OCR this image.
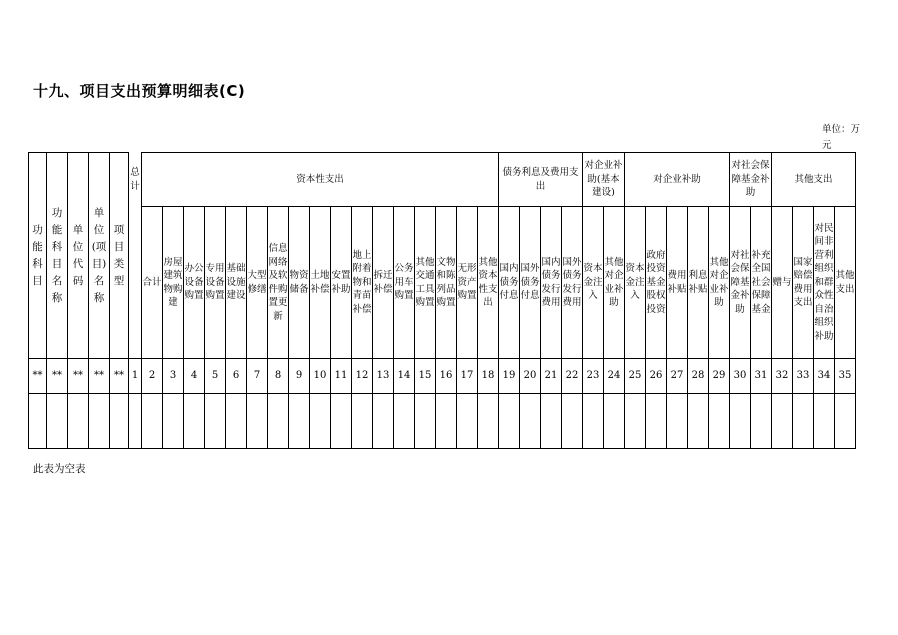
十九、项目支出预算明细表(C)
单位：万元
功能科目	功能科目名称	单位代码	单位(项目)名称	项目类型	总计	资本性支出																	债务利息及费用支出				对企业补助(基本建设)		对企业补助					对社会保障基金补助		其他支出			
						合计	房屋建筑物购建	办公设备购置	专用设备购置	基础设施建设	大型修缮	信息网络及软件购置更新	物资储备	土地补偿	安置补助	地上附着物和青苗补偿	拆迁补偿	公务用车购置	其他交通工具购置	文物和陈列品购置	无形资产购置	其他资本性支出	国内债务付息	国外债务付息	国内债务发行费用	国外债务发行费用	资本金注入	其他对企业补助	资本金注入	政府投资基金股权投资	费用补贴	利息补贴	其他对企业补助	对社会保障基金补助	补充全国社会保障基金	赠与	国家赔偿费用支出	对民间非营利组织和群众性自治组织补助	其他支出
**	**	**	**	**	1	2	3	4	5	6	7	8	9	10	11	12	13	14	15	16	17	18	19	20	21	22	23	24	25	26	27	28	29	30	31	32	33	34	35

此表为空表
